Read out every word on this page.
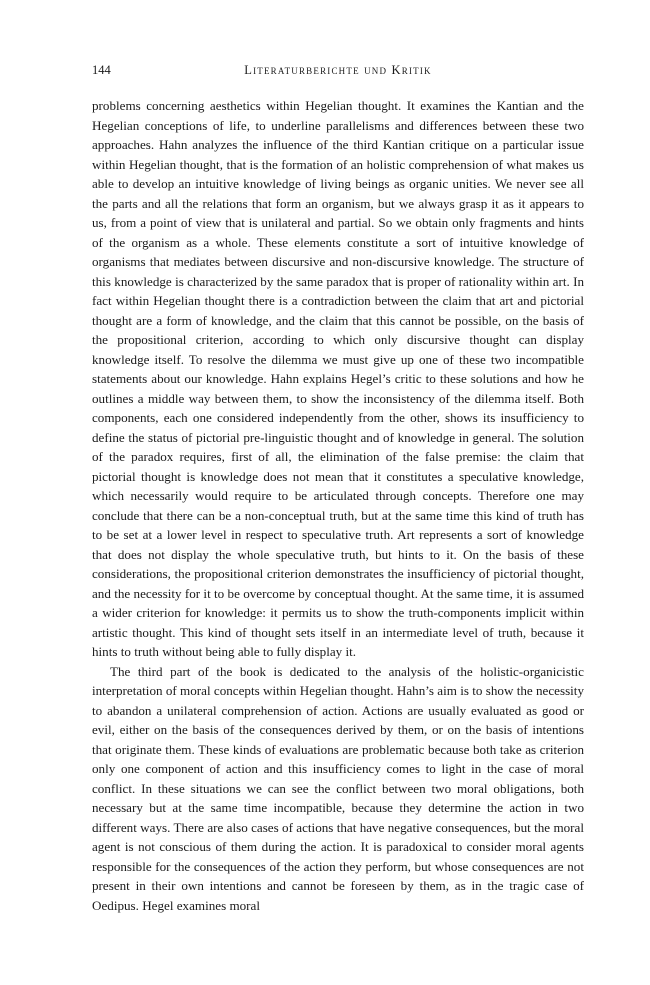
144	Literaturberichte und Kritik

problems concerning aesthetics within Hegelian thought. It examines the Kantian and the Hegelian conceptions of life, to underline parallelisms and differences between these two approaches. Hahn analyzes the influence of the third Kantian critique on a particular issue within Hegelian thought, that is the formation of an holistic comprehension of what makes us able to develop an intuitive knowledge of living beings as organic unities. We never see all the parts and all the relations that form an organism, but we always grasp it as it appears to us, from a point of view that is unilateral and partial. So we obtain only fragments and hints of the organism as a whole. These elements constitute a sort of intuitive knowledge of organisms that mediates between discursive and non-discursive knowledge. The structure of this knowledge is characterized by the same paradox that is proper of rationality within art. In fact within Hegelian thought there is a contradiction between the claim that art and pictorial thought are a form of knowledge, and the claim that this cannot be possible, on the basis of the propositional criterion, according to which only discursive thought can display knowledge itself. To resolve the dilemma we must give up one of these two incompatible statements about our knowledge. Hahn explains Hegel’s critic to these solutions and how he outlines a middle way between them, to show the inconsistency of the dilemma itself. Both components, each one considered independently from the other, shows its insufficiency to define the status of pictorial pre-linguistic thought and of knowledge in general. The solution of the paradox requires, first of all, the elimination of the false premise: the claim that pictorial thought is knowledge does not mean that it constitutes a speculative knowledge, which necessarily would require to be articulated through concepts. Therefore one may conclude that there can be a non-conceptual truth, but at the same time this kind of truth has to be set at a lower level in respect to speculative truth. Art represents a sort of knowledge that does not display the whole speculative truth, but hints to it. On the basis of these considerations, the propositional criterion demonstrates the insufficiency of pictorial thought, and the necessity for it to be overcome by conceptual thought. At the same time, it is assumed a wider criterion for knowledge: it permits us to show the truth-components implicit within artistic thought. This kind of thought sets itself in an intermediate level of truth, because it hints to truth without being able to fully display it.

The third part of the book is dedicated to the analysis of the holistic-organicistic interpretation of moral concepts within Hegelian thought. Hahn’s aim is to show the necessity to abandon a unilateral comprehension of action. Actions are usually evaluated as good or evil, either on the basis of the consequences derived by them, or on the basis of intentions that originate them. These kinds of evaluations are problematic because both take as criterion only one component of action and this insufficiency comes to light in the case of moral conflict. In these situations we can see the conflict between two moral obligations, both necessary but at the same time incompatible, because they determine the action in two different ways. There are also cases of actions that have negative consequences, but the moral agent is not conscious of them during the action. It is paradoxical to consider moral agents responsible for the consequences of the action they perform, but whose consequences are not present in their own intentions and cannot be foreseen by them, as in the tragic case of Oedipus. Hegel examines moral
